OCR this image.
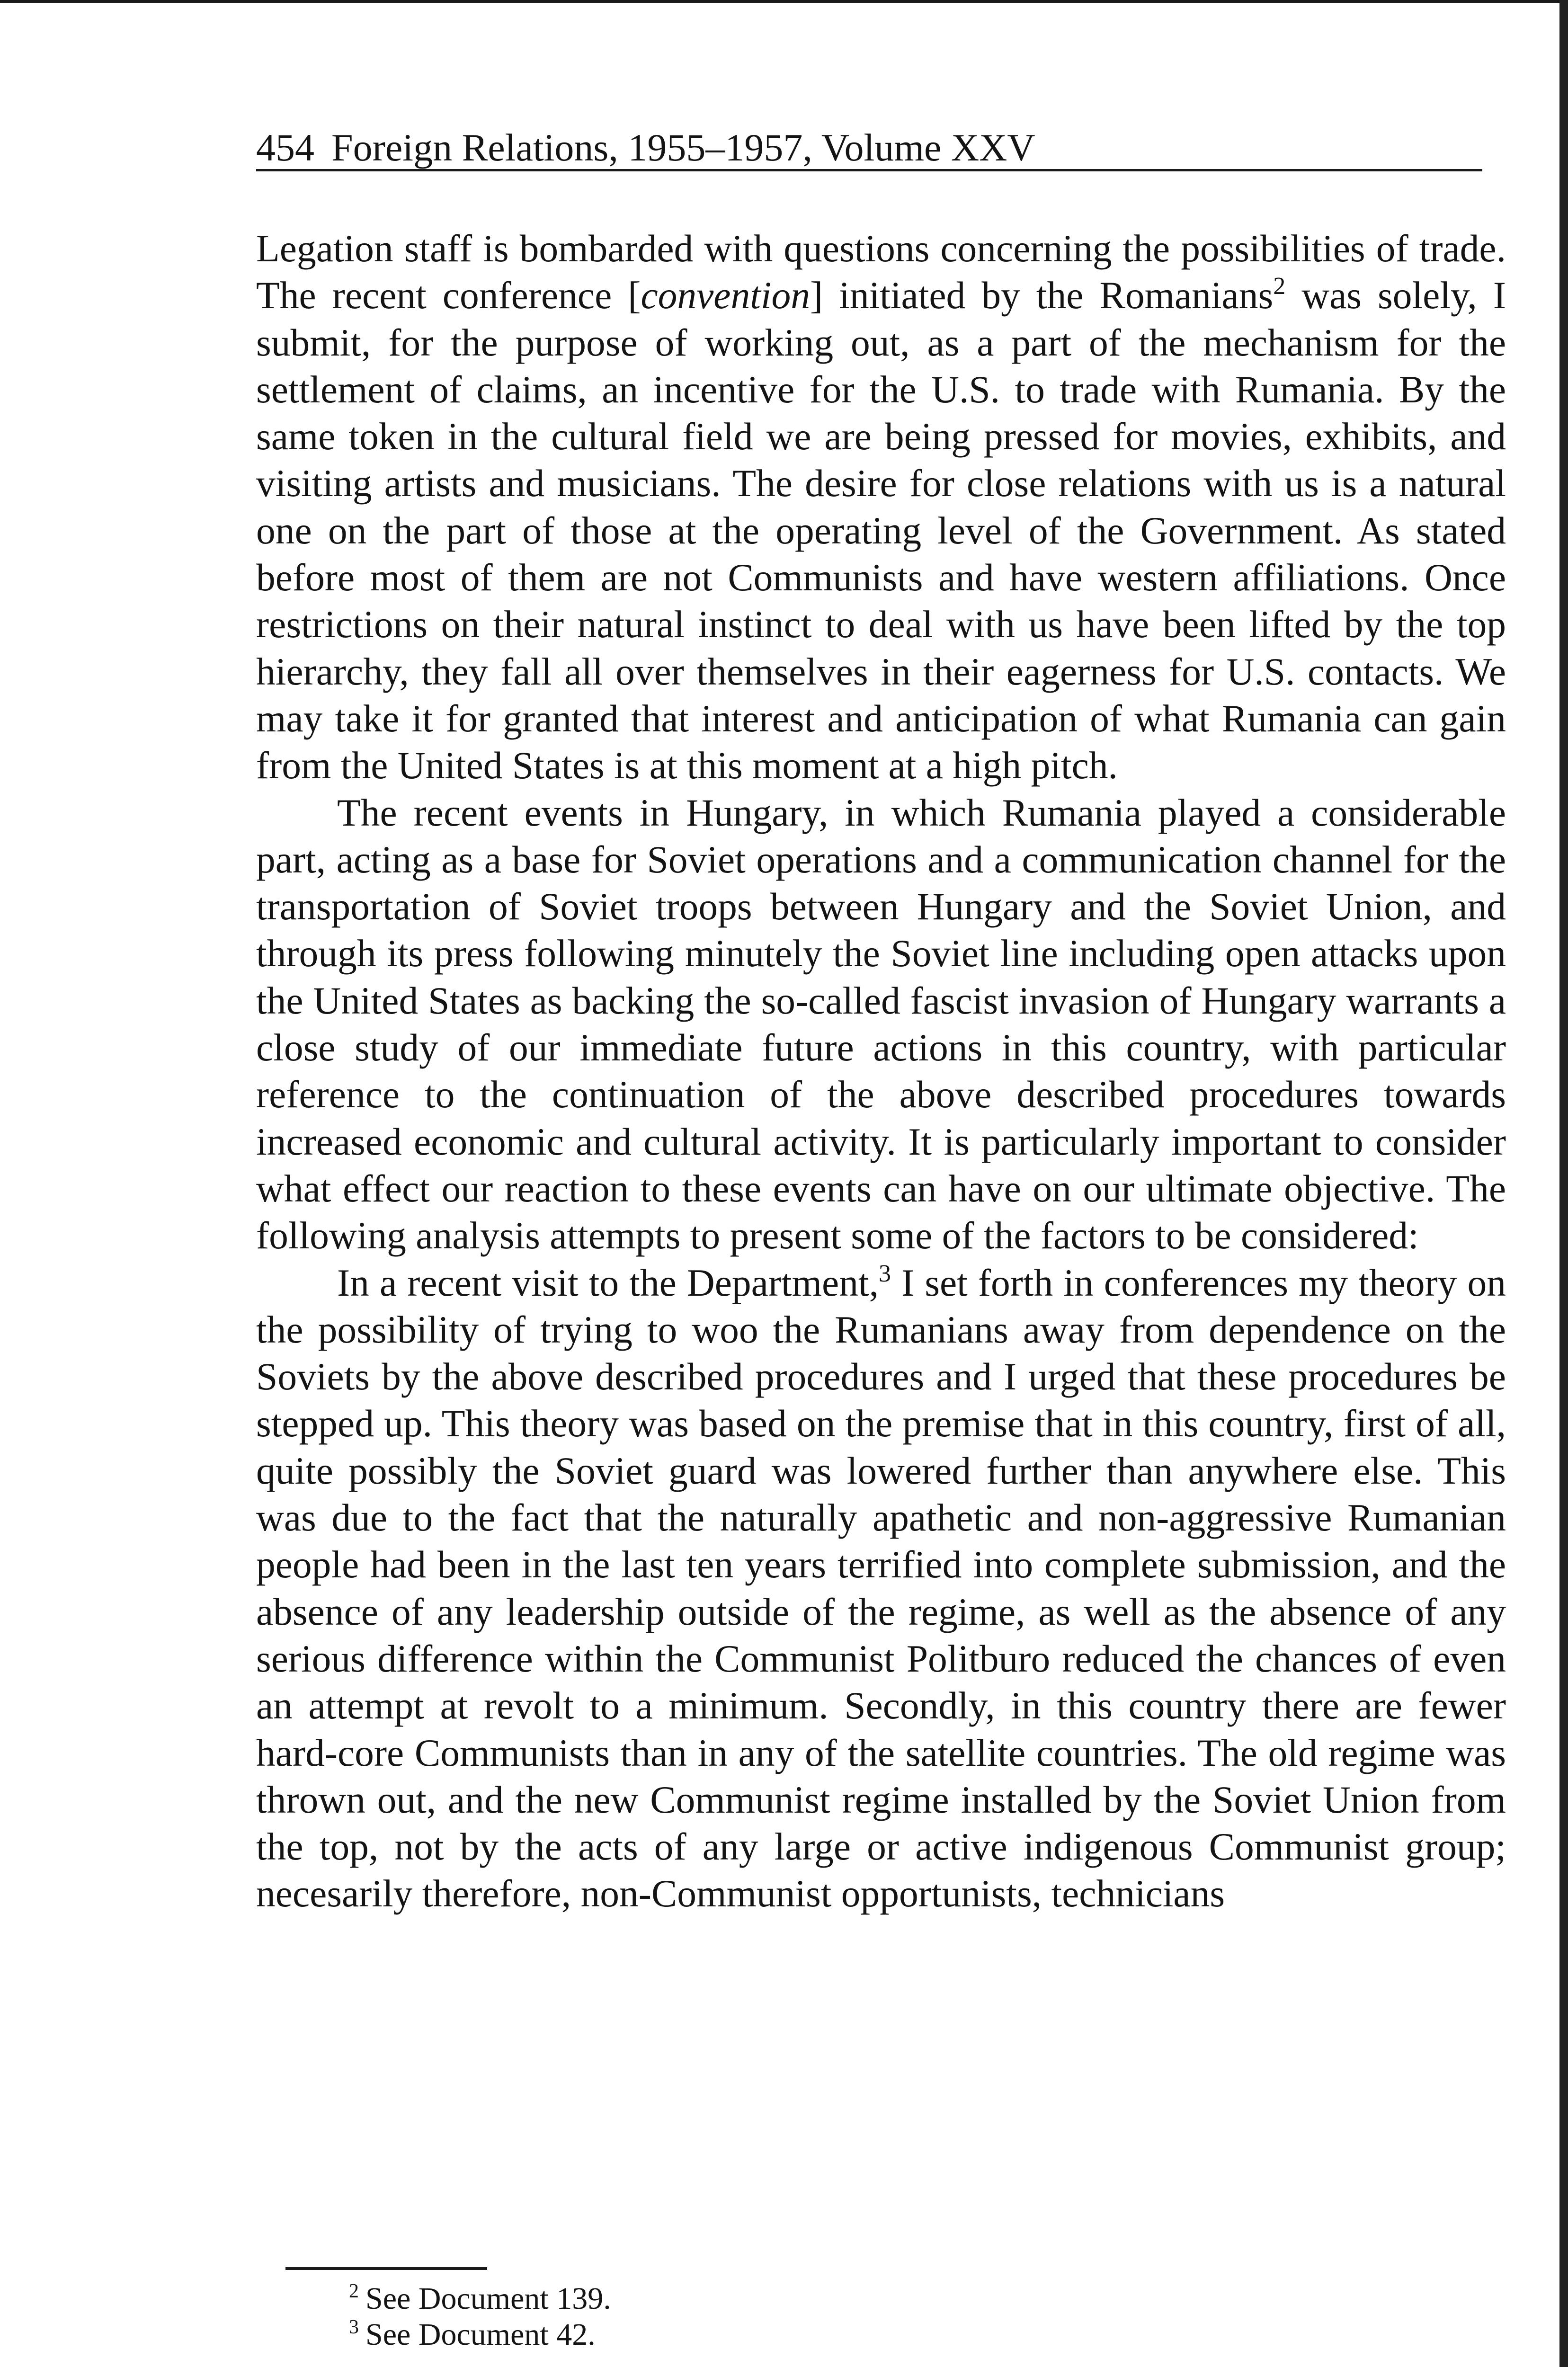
454 Foreign Relations, 1955–1957, Volume XXV

Legation staff is bombarded with questions concerning the possibilities of trade. The recent conference [convention] initiated by the Romanians$^2$ was solely, I submit, for the purpose of working out, as a part of the mechanism for the settlement of claims, an incentive for the U.S. to trade with Rumania. By the same token in the cultural field we are being pressed for movies, exhibits, and visiting artists and musicians. The desire for close relations with us is a natural one on the part of those at the operating level of the Government. As stated before most of them are not Communists and have western affiliations. Once restrictions on their natural instinct to deal with us have been lifted by the top hierarchy, they fall all over themselves in their eagerness for U.S. contacts. We may take it for granted that interest and anticipation of what Rumania can gain from the United States is at this moment at a high pitch.

The recent events in Hungary, in which Rumania played a considerable part, acting as a base for Soviet operations and a communication channel for the transportation of Soviet troops between Hungary and the Soviet Union, and through its press following minutely the Soviet line including open attacks upon the United States as backing the so-called fascist invasion of Hungary warrants a close study of our immediate future actions in this country, with particular reference to the continuation of the above described procedures towards increased economic and cultural activity. It is particularly important to consider what effect our reaction to these events can have on our ultimate objective. The following analysis attempts to present some of the factors to be considered:

In a recent visit to the Department,$^3$ I set forth in conferences my theory on the possibility of trying to woo the Rumanians away from dependence on the Soviets by the above described procedures and I urged that these procedures be stepped up. This theory was based on the premise that in this country, first of all, quite possibly the Soviet guard was lowered further than anywhere else. This was due to the fact that the naturally apathetic and non-aggressive Rumanian people had been in the last ten years terrified into complete submission, and the absence of any leadership outside of the regime, as well as the absence of any serious difference within the Communist Politburo reduced the chances of even an attempt at revolt to a minimum. Secondly, in this country there are fewer hard-core Communists than in any of the satellite countries. The old regime was thrown out, and the new Communist regime installed by the Soviet Union from the top, not by the acts of any large or active indigenous Communist group; necesarily therefore, non-Communist opportunists, technicians

$^2$ See Document 139.
$^3$ See Document 42.
